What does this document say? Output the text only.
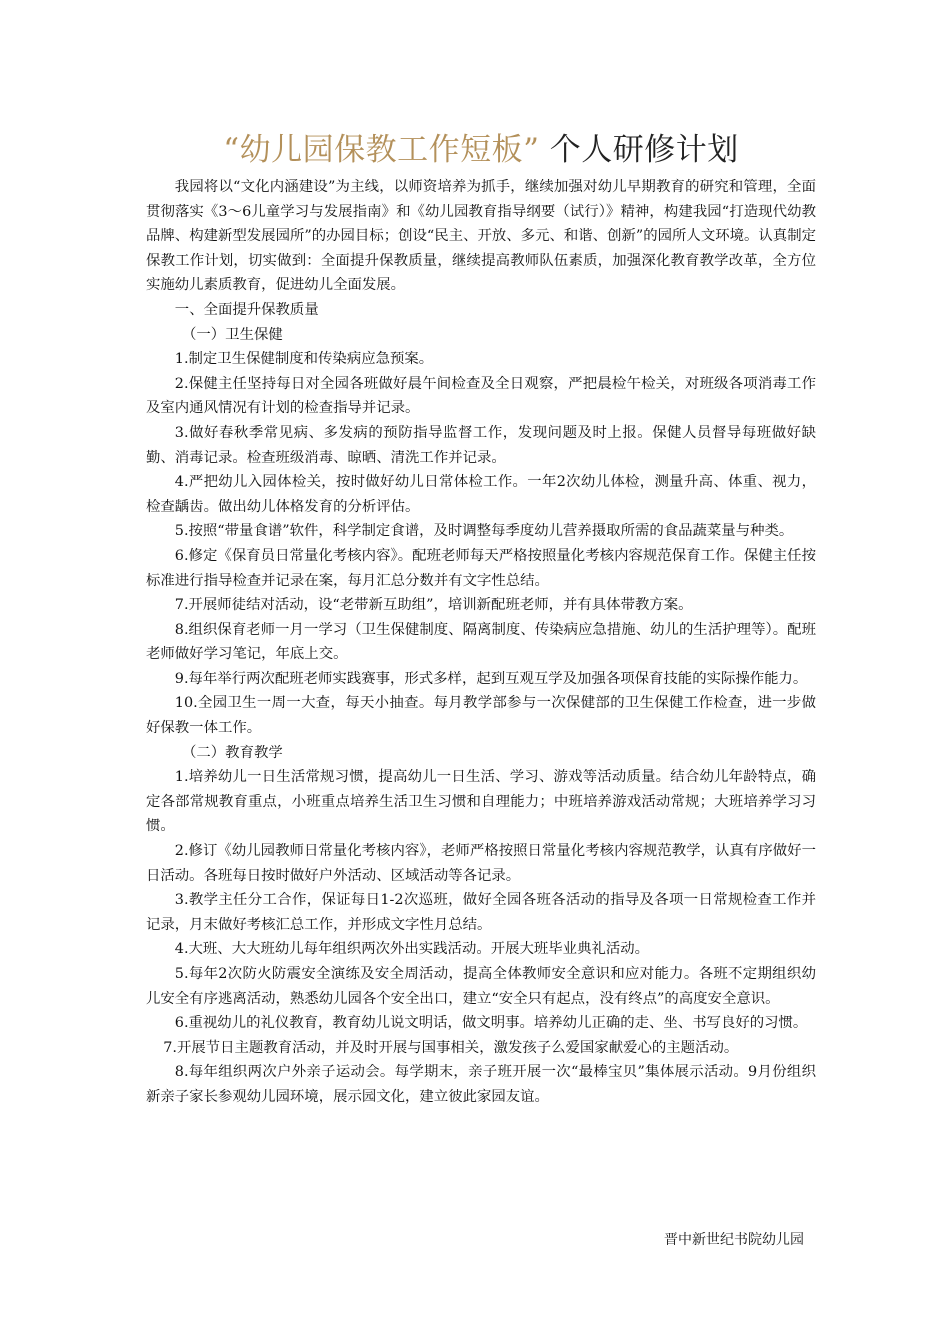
“幼儿园保教工作短板” 个人研修计划

我园将以“文化内涵建设”为主线，以师资培养为抓手，继续加强对幼儿早期教育的研究和管理，全面贯彻落实《3～6儿童学习与发展指南》和《幼儿园教育指导纲要（试行）》精神，构建我园“打造现代幼教品牌、构建新型发展园所”的办园目标；创设“民主、开放、多元、和谐、创新”的园所人文环境。认真制定保教工作计划，切实做到：全面提升保教质量，继续提高教师队伍素质，加强深化教育教学改革，全方位实施幼儿素质教育，促进幼儿全面发展。

一、全面提升保教质量

（一）卫生保健

1.制定卫生保健制度和传染病应急预案。

2.保健主任坚持每日对全园各班做好晨午间检查及全日观察，严把晨检午检关，对班级各项消毒工作及室内通风情况有计划的检查指导并记录。

3.做好春秋季常见病、多发病的预防指导监督工作，发现问题及时上报。保健人员督导每班做好缺勤、消毒记录。检查班级消毒、晾晒、清洗工作并记录。

4.严把幼儿入园体检关，按时做好幼儿日常体检工作。一年2次幼儿体检，测量升高、体重、视力，检查龋齿。做出幼儿体格发育的分析评估。

5.按照“带量食谱”软件，科学制定食谱，及时调整每季度幼儿营养摄取所需的食品蔬菜量与种类。

6.修定《保育员日常量化考核内容》。配班老师每天严格按照量化考核内容规范保育工作。保健主任按标准进行指导检查并记录在案，每月汇总分数并有文字性总结。

7.开展师徒结对活动，设“老带新互助组”，培训新配班老师，并有具体带教方案。

8.组织保育老师一月一学习（卫生保健制度、隔离制度、传染病应急措施、幼儿的生活护理等）。配班老师做好学习笔记，年底上交。

9.每年举行两次配班老师实践赛事，形式多样，起到互观互学及加强各项保育技能的实际操作能力。

10.全园卫生一周一大查，每天小抽查。每月教学部参与一次保健部的卫生保健工作检查，进一步做好保教一体工作。

（二）教育教学

1.培养幼儿一日生活常规习惯，提高幼儿一日生活、学习、游戏等活动质量。结合幼儿年龄特点，确定各部常规教育重点，小班重点培养生活卫生习惯和自理能力；中班培养游戏活动常规；大班培养学习习惯。

2.修订《幼儿园教师日常量化考核内容》，老师严格按照日常量化考核内容规范教学，认真有序做好一日活动。各班每日按时做好户外活动、区域活动等各记录。

3.教学主任分工合作，保证每日1-2次巡班，做好全园各班各活动的指导及各项一日常规检查工作并记录，月末做好考核汇总工作，并形成文字性月总结。

4.大班、大大班幼儿每年组织两次外出实践活动。开展大班毕业典礼活动。

5.每年2次防火防震安全演练及安全周活动，提高全体教师安全意识和应对能力。各班不定期组织幼儿安全有序逃离活动，熟悉幼儿园各个安全出口，建立“安全只有起点，没有终点”的高度安全意识。

6.重视幼儿的礼仪教育，教育幼儿说文明话，做文明事。培养幼儿正确的走、坐、书写良好的习惯。

7.开展节日主题教育活动，并及时开展与国事相关，激发孩子么爱国家献爱心的主题活动。

8.每年组织两次户外亲子运动会。每学期末，亲子班开展一次“最棒宝贝”集体展示活动。9月份组织新亲子家长参观幼儿园环境，展示园文化，建立彼此家园友谊。

晋中新世纪书院幼儿园
